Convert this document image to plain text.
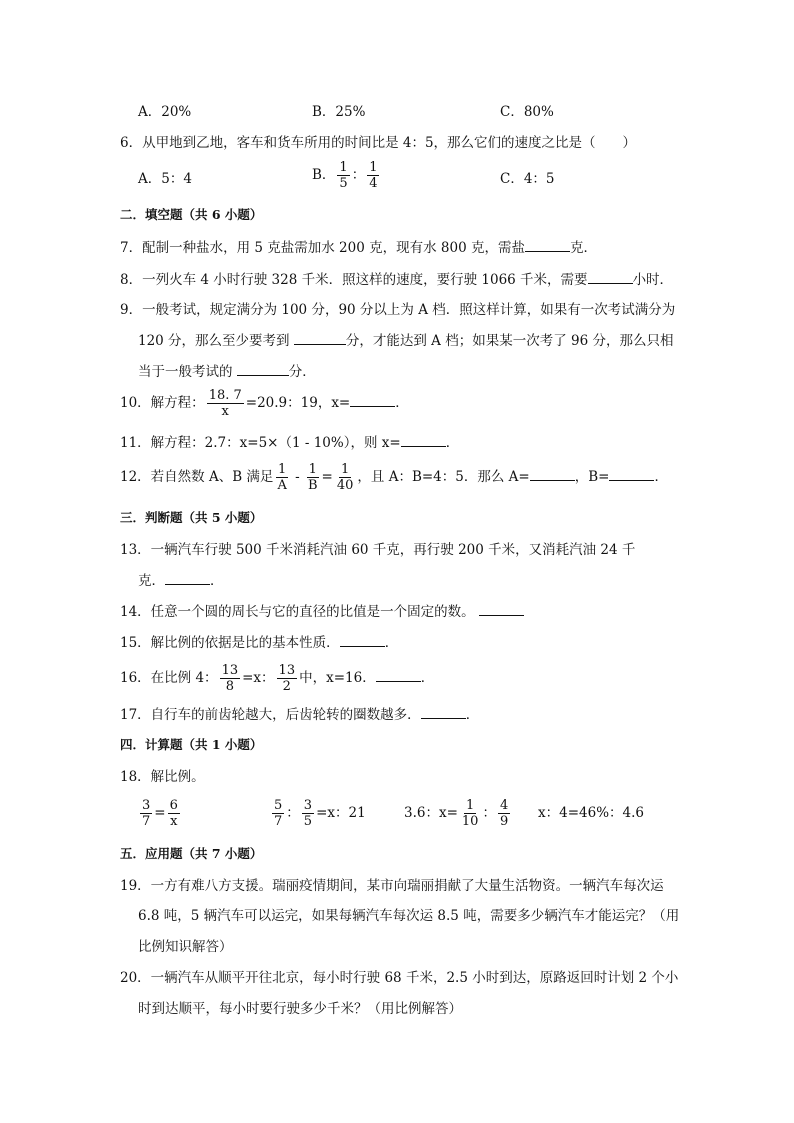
A．20%	B．25%	C．80%
6．从甲地到乙地，客车和货车所用的时间比是 4：5，那么它们的速度之比是（　　）
A．5：4	B． $\frac{1}{5}$ ： $\frac{1}{4}$	C．4：5
二．填空题（共 6 小题）
7．配制一种盐水，用 5 克盐需加水 200 克，现有水 800 克，需盐	克．
8．一列火车 4 小时行驶 328 千米．照这样的速度，要行驶 1066 千米，需要	小时．
9．一般考试，规定满分为 100 分，90 分以上为 A 档．照这样计算，如果有一次考试满分为
120 分，那么至少要考到	分，才能达到 A 档；如果某一次考了 96 分，那么只相
当于一般考试的	分．
10．解方程： $\frac{18. 7}{x} =20.9$：19，x=	．
11．解方程：2.7：x=5×（1 - 10%），则 x=	．
12．若自然数 A、B 满足 $\frac{1}{A} - \frac{1}{B} = \frac{1}{40}$ ，且 A：B=4：5．那么 A=	，B=	．
三．判断题（共 5 小题）
13．一辆汽车行驶 500 千米消耗汽油 60 千克，再行驶 200 千米，又消耗汽油 24 千
克．	．
14．任意一个圆的周长与它的直径的比值是一个固定的数。
15．解比例的依据是比的基本性质．	．
16．在比例 4： $\frac{13}{8} =x$： $\frac{13}{2}$ 中，x=16．	．
17．自行车的前齿轮越大，后齿轮转的圈数越多．	．
四．计算题（共 1 小题）
18．解比例。
$\frac{3}{7} = \frac{6}{x}$	$\frac{5}{7}$ ： $\frac{3}{5} =x$：21	3.6：$x= \frac{1}{10}$ ： $\frac{4}{9}$ x：4=46%：4.6
五．应用题（共 7 小题）
19．一方有难八方支援。瑞丽疫情期间，某市向瑞丽捐献了大量生活物资。一辆汽车每次运
6.8 吨，5 辆汽车可以运完，如果每辆汽车每次运 8.5 吨，需要多少辆汽车才能运完？（用
比例知识解答）
20．一辆汽车从顺平开往北京，每小时行驶 68 千米，2.5 小时到达，原路返回时计划 2 个小
时到达顺平，每小时要行驶多少千米？（用比例解答）
